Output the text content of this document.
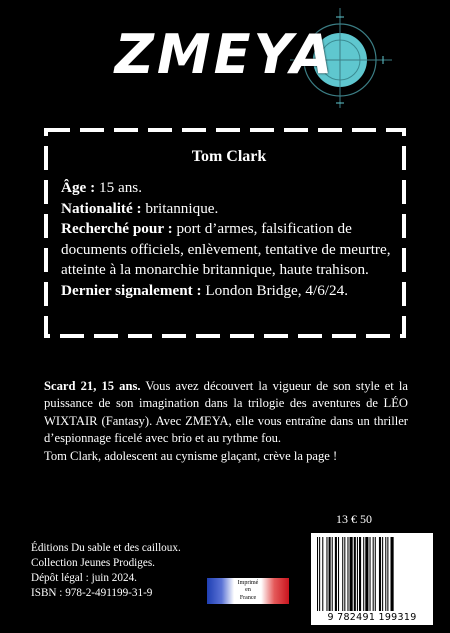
ZMEYA
Tom Clark
Âge : 15 ans.
Nationalité : britannique.
Recherché pour : port d’armes, falsification de documents officiels, enlèvement, tentative de meurtre, atteinte à la monarchie britannique, haute trahison.
Dernier signalement : London Bridge, 4/6/24.

Scard 21, 15 ans. Vous avez découvert la vigueur de son style et la puissance de son imagination dans la trilogie des aventures de LÉO WIXTAIR (Fantasy). Avec ZMEYA, elle vous entraîne dans un thriller d’espionnage ficelé avec brio et au rythme fou.

Tom Clark, adolescent au cynisme glaçant, crève la page !

13 € 50
Éditions Du sable et des cailloux.
Collection Jeunes Prodiges.
Dépôt légal : juin 2024.
ISBN : 978-2-491199-31-9
Imprimé
en
France
9 782491 199319
